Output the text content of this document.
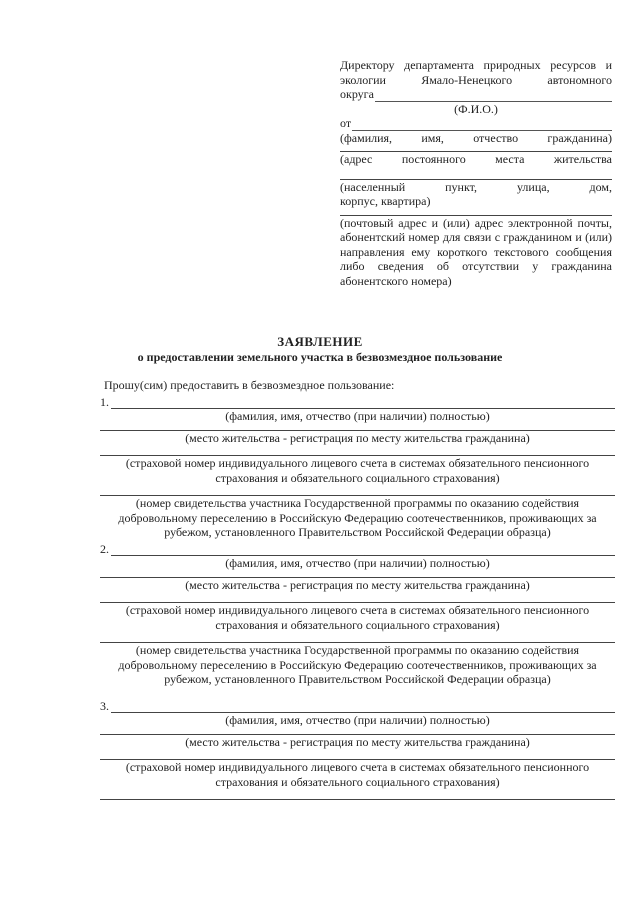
Директору департамента природных ресурсов и
экологии Ямало-Ненецкого автономного
округа
(Ф.И.О.)
от
(фамилия, имя, отчество гражданина)
(адрес постоянного места жительства
(населенный пункт, улица, дом,
корпус, квартира)
(почтовый адрес и (или) адрес электронной почты, абонентский номер для связи с гражданином и (или) направления ему короткого текстового сообщения либо сведения об отсутствии у гражданина абонентского номера)
ЗАЯВЛЕНИЕ
о предоставлении земельного участка в безвозмездное пользование
Прошу(сим) предоставить в безвозмездное пользование:
1.
(фамилия, имя, отчество (при наличии) полностью)
(место жительства - регистрация по месту жительства гражданина)
(страховой номер индивидуального лицевого счета в системах обязательного пенсионного страхования и обязательного социального страхования)
(номер свидетельства участника Государственной программы по оказанию содействия добровольному переселению в Российскую Федерацию соотечественников, проживающих за рубежом, установленного Правительством Российской Федерации образца)
2.
(фамилия, имя, отчество (при наличии) полностью)
(место жительства - регистрация по месту жительства гражданина)
(страховой номер индивидуального лицевого счета в системах обязательного пенсионного страхования и обязательного социального страхования)
(номер свидетельства участника Государственной программы по оказанию содействия добровольному переселению в Российскую Федерацию соотечественников, проживающих за рубежом, установленного Правительством Российской Федерации образца)
3.
(фамилия, имя, отчество (при наличии) полностью)
(место жительства - регистрация по месту жительства гражданина)
(страховой номер индивидуального лицевого счета в системах обязательного пенсионного страхования и обязательного социального страхования)
